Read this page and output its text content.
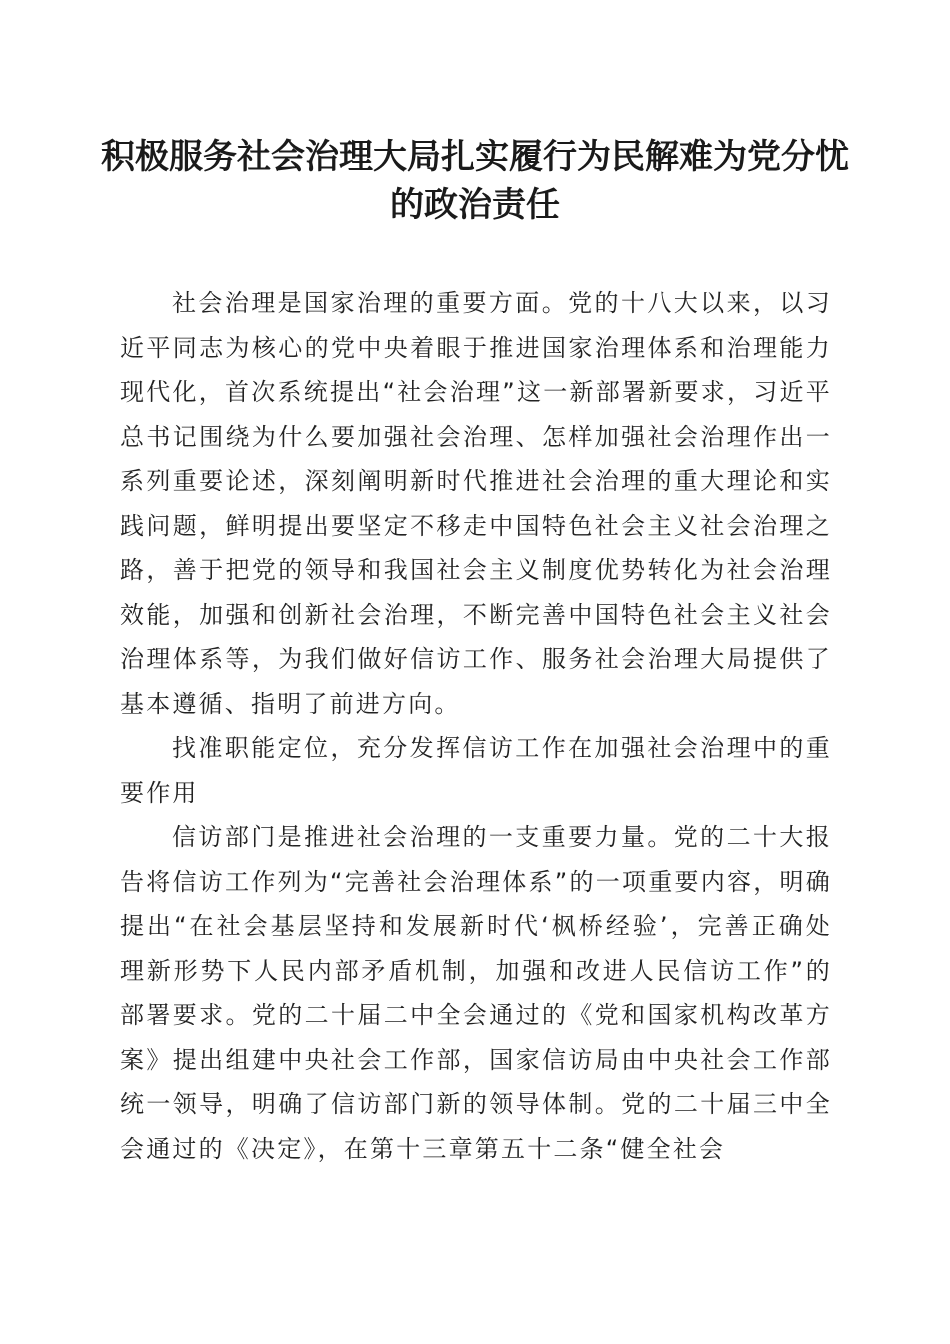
积极服务社会治理大局扎实履行为民解难为党分忧的政治责任

社会治理是国家治理的重要方面。党的十八大以来，以习近平同志为核心的党中央着眼于推进国家治理体系和治理能力现代化，首次系统提出“社会治理”这一新部署新要求，习近平总书记围绕为什么要加强社会治理、怎样加强社会治理作出一系列重要论述，深刻阐明新时代推进社会治理的重大理论和实践问题，鲜明提出要坚定不移走中国特色社会主义社会治理之路，善于把党的领导和我国社会主义制度优势转化为社会治理效能，加强和创新社会治理，不断完善中国特色社会主义社会治理体系等，为我们做好信访工作、服务社会治理大局提供了基本遵循、指明了前进方向。

找准职能定位，充分发挥信访工作在加强社会治理中的重要作用

信访部门是推进社会治理的一支重要力量。党的二十大报告将信访工作列为“完善社会治理体系”的一项重要内容，明确提出“在社会基层坚持和发展新时代‘枫桥经验’，完善正确处理新形势下人民内部矛盾机制，加强和改进人民信访工作”的部署要求。党的二十届二中全会通过的《党和国家机构改革方案》提出组建中央社会工作部，国家信访局由中央社会工作部统一领导，明确了信访部门新的领导体制。党的二十届三中全会通过的《决定》，在第十三章第五十二条“健全社会
